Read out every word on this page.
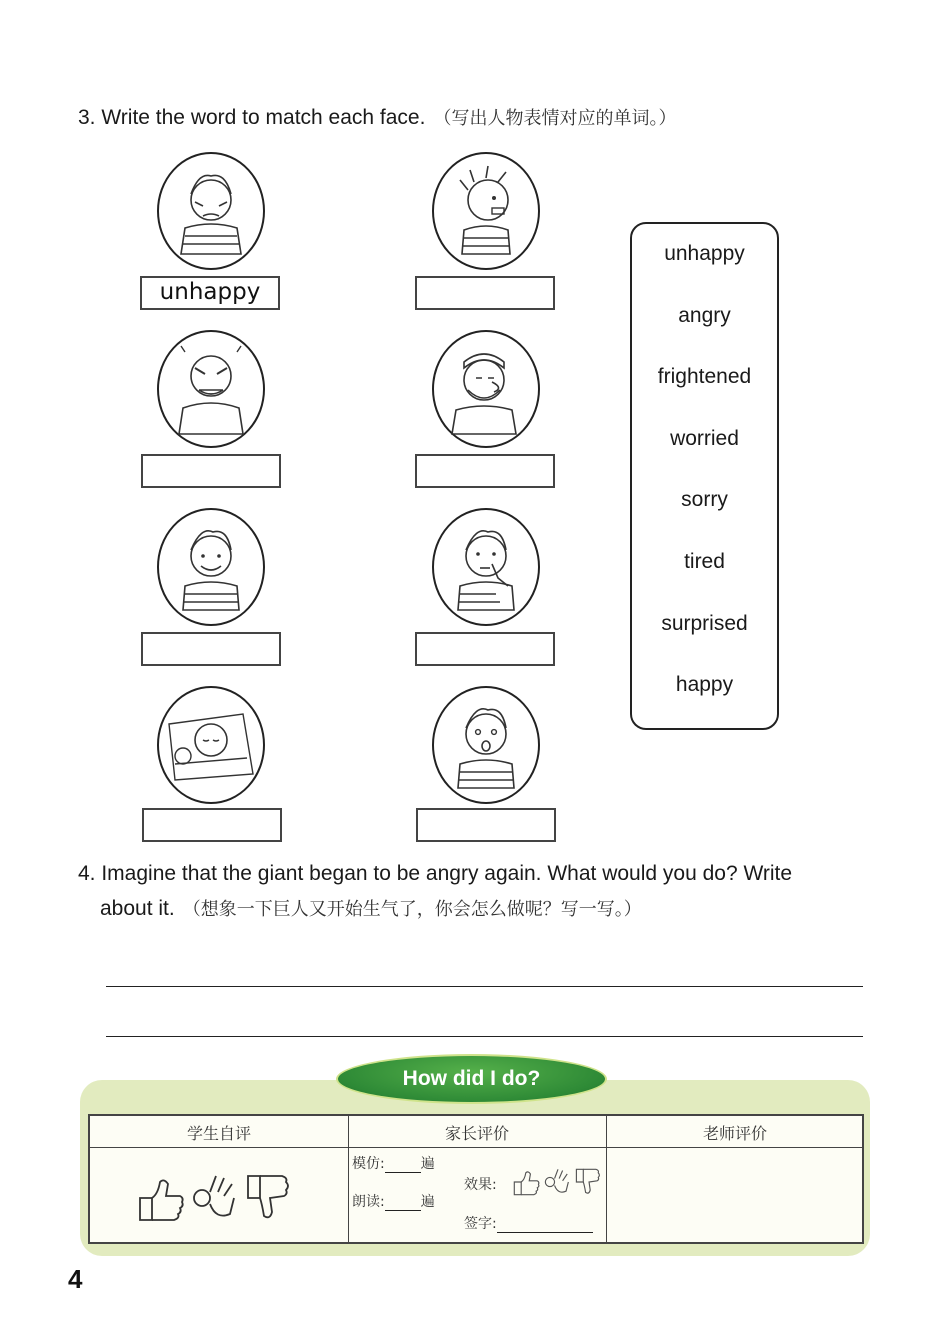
3. Write the word to match each face. （写出人物表情对应的单词。）
unhappy
unhappy
angry
frightened
worried
sorry
tired
surprised
happy
4. Imagine that the giant began to be angry again. What would you do? Write
about it. （想象一下巨人又开始生气了，你会怎么做呢？写一写。）
How did I do?
学生自评	家长评价	老师评价
模仿:	遍
朗读:	遍
效果:
签字:
4
